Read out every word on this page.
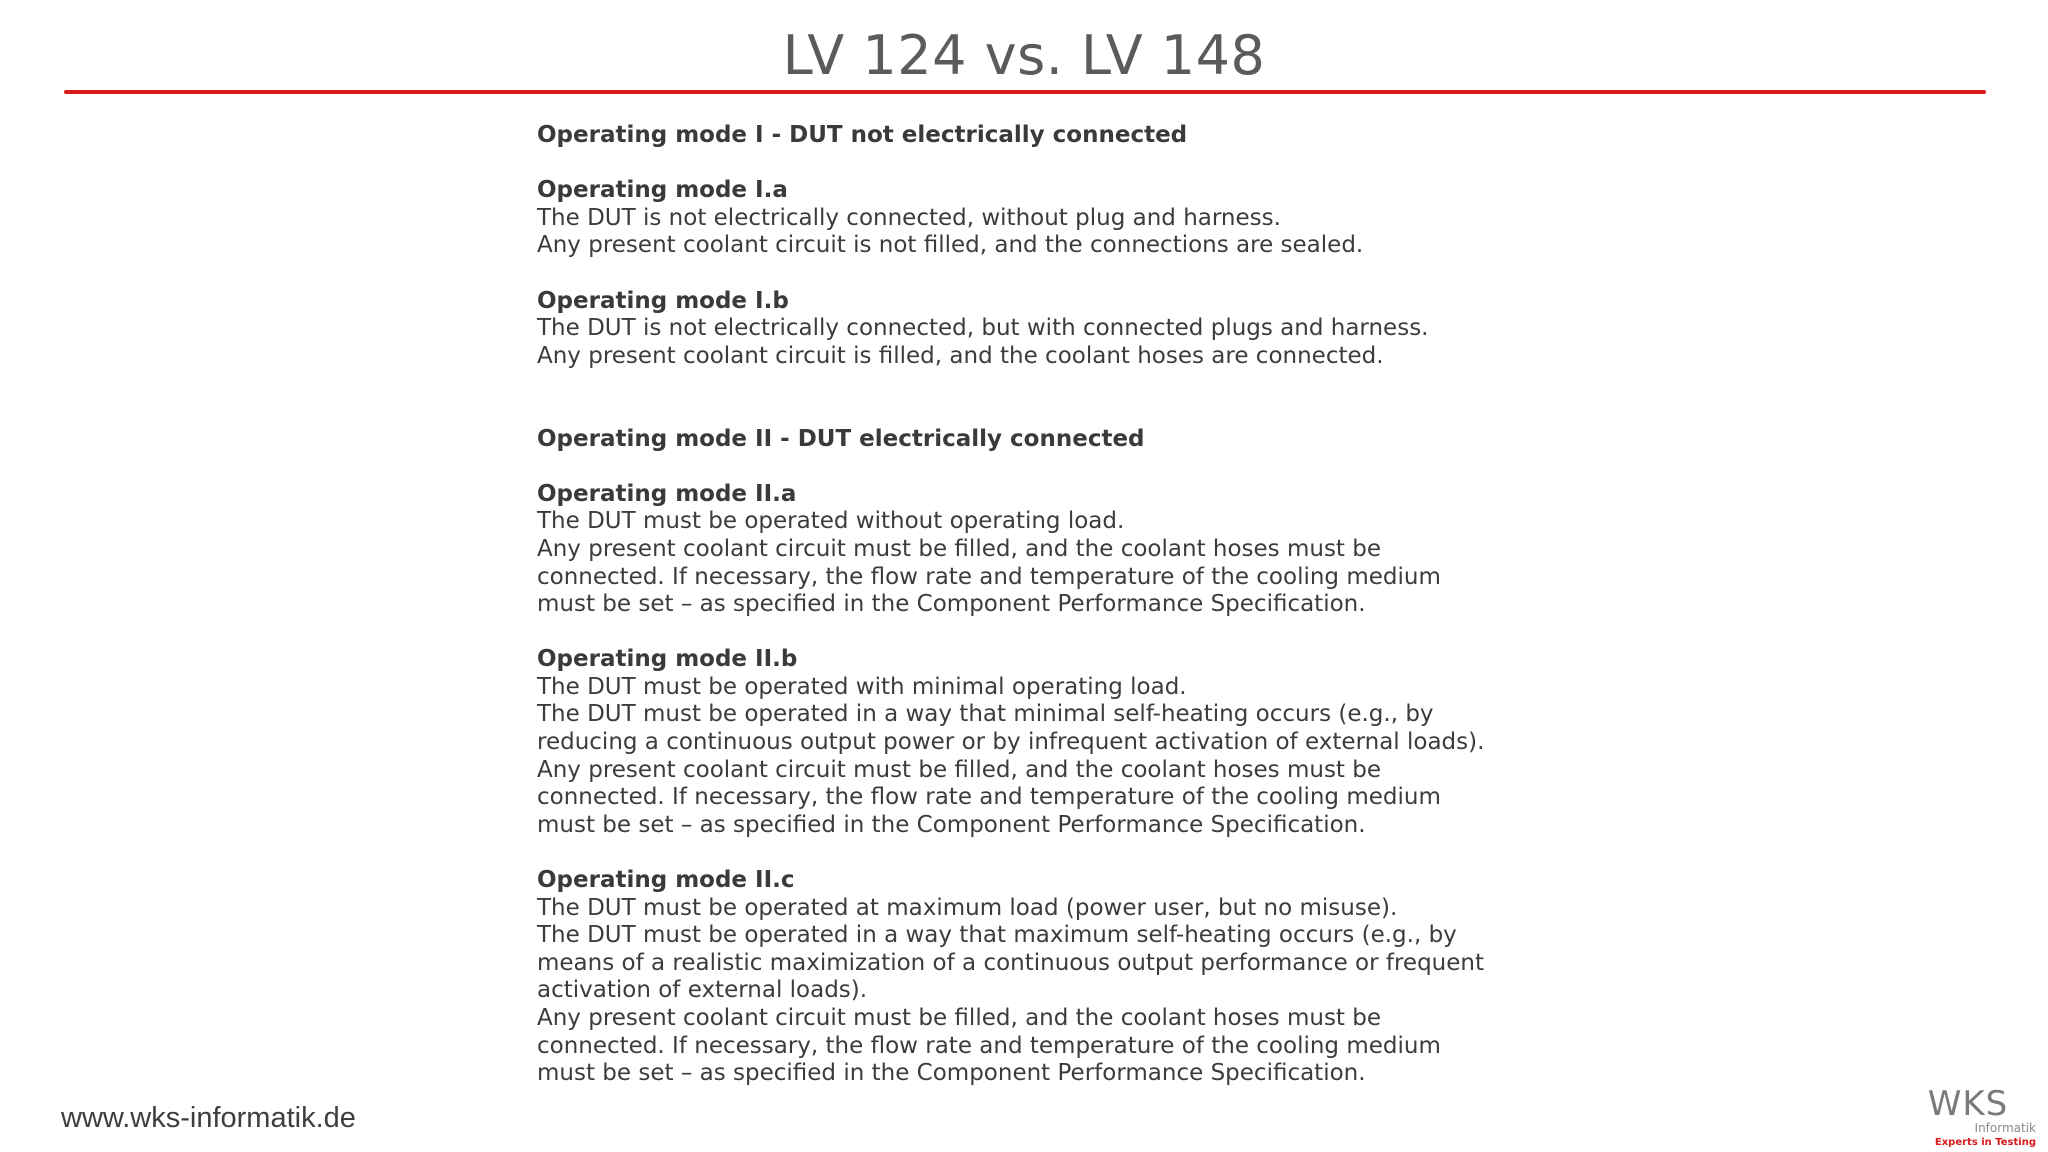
LV 124 vs. LV 148
Operating mode I - DUT not electrically connected
Operating mode I.a
The DUT is not electrically connected, without plug and harness.
Any present coolant circuit is not filled, and the connections are sealed.
Operating mode I.b
The DUT is not electrically connected, but with connected plugs and harness.
Any present coolant circuit is filled, and the coolant hoses are connected.
Operating mode II - DUT electrically connected
Operating mode II.a
The DUT must be operated without operating load.
Any present coolant circuit must be filled, and the coolant hoses must be
connected. If necessary, the flow rate and temperature of the cooling medium
must be set – as specified in the Component Performance Specification.
Operating mode II.b
The DUT must be operated with minimal operating load.
The DUT must be operated in a way that minimal self-heating occurs (e.g., by
reducing a continuous output power or by infrequent activation of external loads).
Any present coolant circuit must be filled, and the coolant hoses must be
connected. If necessary, the flow rate and temperature of the cooling medium
must be set – as specified in the Component Performance Specification.
Operating mode II.c
The DUT must be operated at maximum load (power user, but no misuse).
The DUT must be operated in a way that maximum self-heating occurs (e.g., by
means of a realistic maximization of a continuous output performance or frequent
activation of external loads).
Any present coolant circuit must be filled, and the coolant hoses must be
connected. If necessary, the flow rate and temperature of the cooling medium
must be set – as specified in the Component Performance Specification.
www.wks-informatik.de	WKS
Informatik
Experts in Testing
